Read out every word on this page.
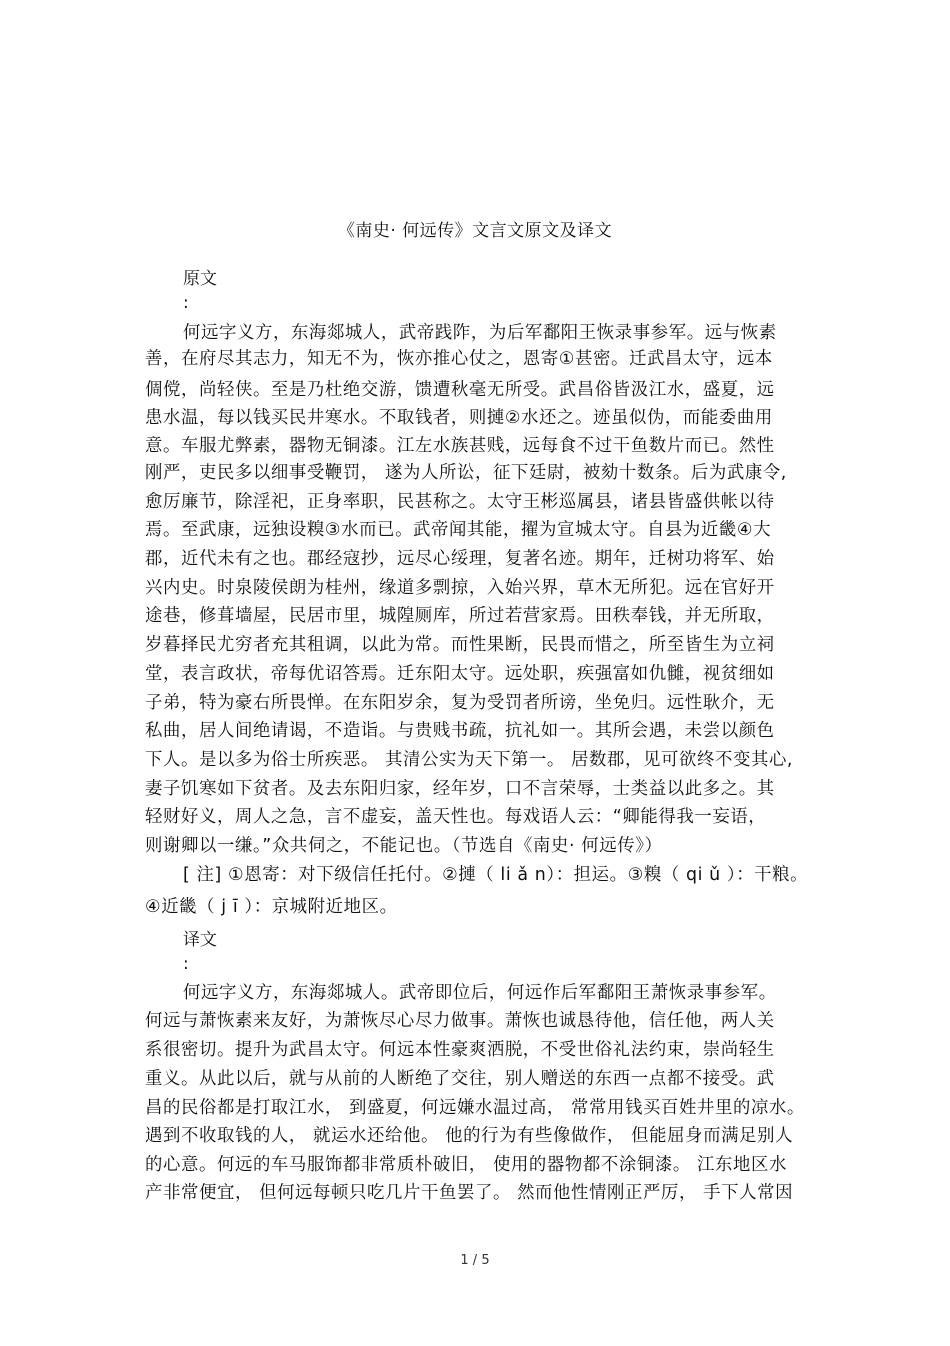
《南史· 何远传》文言文原文及译文
原文
:
何远字义方，东海郯城人，武帝践阼，为后军鄱阳王恢录事参军。远与恢素
善，在府尽其志力，知无不为，恢亦推心仗之，恩寄①甚密。迁武昌太守，远本
倜傥，尚轻侠。至是乃杜绝交游，馈遭秋毫无所受。武昌俗皆汲江水，盛夏，远
患水温，每以钱买民井寒水。不取钱者，则摙②水还之。迹虽似伪，而能委曲用
意。车服尤弊素，器物无铜漆。江左水族甚贱，远每食不过干鱼数片而已。然性
刚严，吏民多以细事受鞭罚， 遂为人所讼，征下廷尉，被劾十数条。后为武康令,
愈厉廉节，除淫祀，正身率职，民甚称之。太守王彬巡属县，诸县皆盛供帐以待
焉。至武康，远独设糗③水而已。武帝闻其能，擢为宣城太守。自县为近畿④大
郡，近代未有之也。郡经寇抄，远尽心绥理，复著名迹。期年，迁树功将军、始
兴内史。时泉陵侯朗为桂州，缘道多剽掠，入始兴界，草木无所犯。远在官好开
途巷，修葺墙屋，民居市里，城隍厕库，所过若营家焉。田秩奉钱，并无所取，
岁暮择民尤穷者充其租调，以此为常。而性果断，民畏而惜之，所至皆生为立祠
堂，表言政状，帝每优诏答焉。迁东阳太守。远处职，疾强富如仇雠，视贫细如
子弟，特为豪右所畏惮。在东阳岁余，复为受罚者所谤，坐免归。远性耿介，无
私曲，居人间绝请谒，不造诣。与贵贱书疏，抗礼如一。其所会遇，未尝以颜色
下人。是以多为俗士所疾恶。 其清公实为天下第一。 居数郡，见可欲终不变其心,
妻子饥寒如下贫者。及去东阳归家，经年岁，口不言荣辱，士类益以此多之。其
轻财好义，周人之急，言不虚妄，盖天性也。每戏语人云：“卿能得我一妄语，
则谢卿以一缣。”众共伺之，不能记也。（节选自《南史· 何远传》）
[ 注] ①恩寄：对下级信任托付。②摙（ li ǎ n）：担运。③糗（ qi ǔ ）：干粮。
④近畿（ j ī ）：京城附近地区。
译文
:
何远字义方，东海郯城人。武帝即位后，何远作后军鄱阳王萧恢录事参军。
何远与萧恢素来友好，为萧恢尽心尽力做事。萧恢也诚恳待他，信任他，两人关
系很密切。提升为武昌太守。何远本性豪爽洒脱，不受世俗礼法约束，崇尚轻生
重义。从此以后，就与从前的人断绝了交往，别人赠送的东西一点都不接受。武
昌的民俗都是打取江水， 到盛夏，何远嫌水温过高， 常常用钱买百姓井里的凉水。
遇到不收取钱的人， 就运水还给他。 他的行为有些像做作， 但能屈身而满足别人
的心意。何远的车马服饰都非常质朴破旧， 使用的器物都不涂铜漆。 江东地区水
产非常便宜， 但何远每顿只吃几片干鱼罢了。 然而他性情刚正严厉， 手下人常因
1 / 5
